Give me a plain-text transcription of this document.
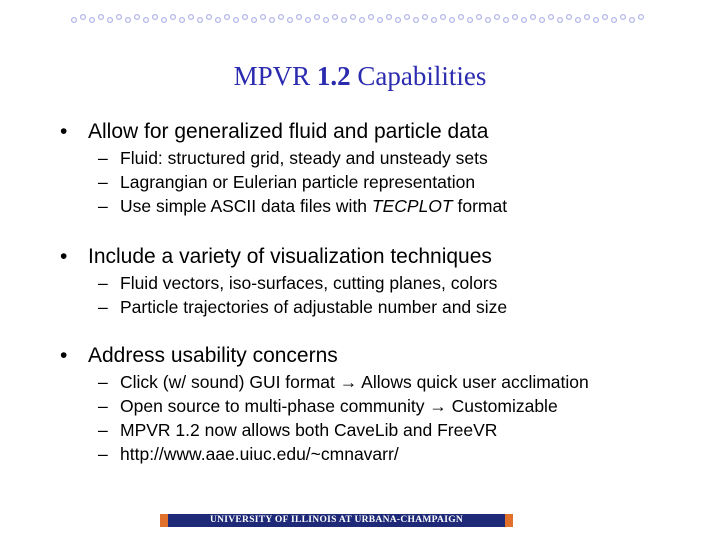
MPVR 1.2 Capabilities
• Allow for generalized fluid and particle data
– Fluid: structured grid, steady and unsteady sets
– Lagrangian or Eulerian particle representation
– Use simple ASCII data files with TECPLOT format
• Include a variety of visualization techniques
– Fluid vectors, iso-surfaces, cutting planes, colors
– Particle trajectories of adjustable number and size
• Address usability concerns
– Click (w/ sound) GUI format → Allows quick user acclimation
– Open source to multi-phase community → Customizable
– MPVR 1.2 now allows both CaveLib and FreeVR
– http://www.aae.uiuc.edu/~cmnavarr/
UNIVERSITY OF ILLINOIS AT URBANA-CHAMPAIGN
